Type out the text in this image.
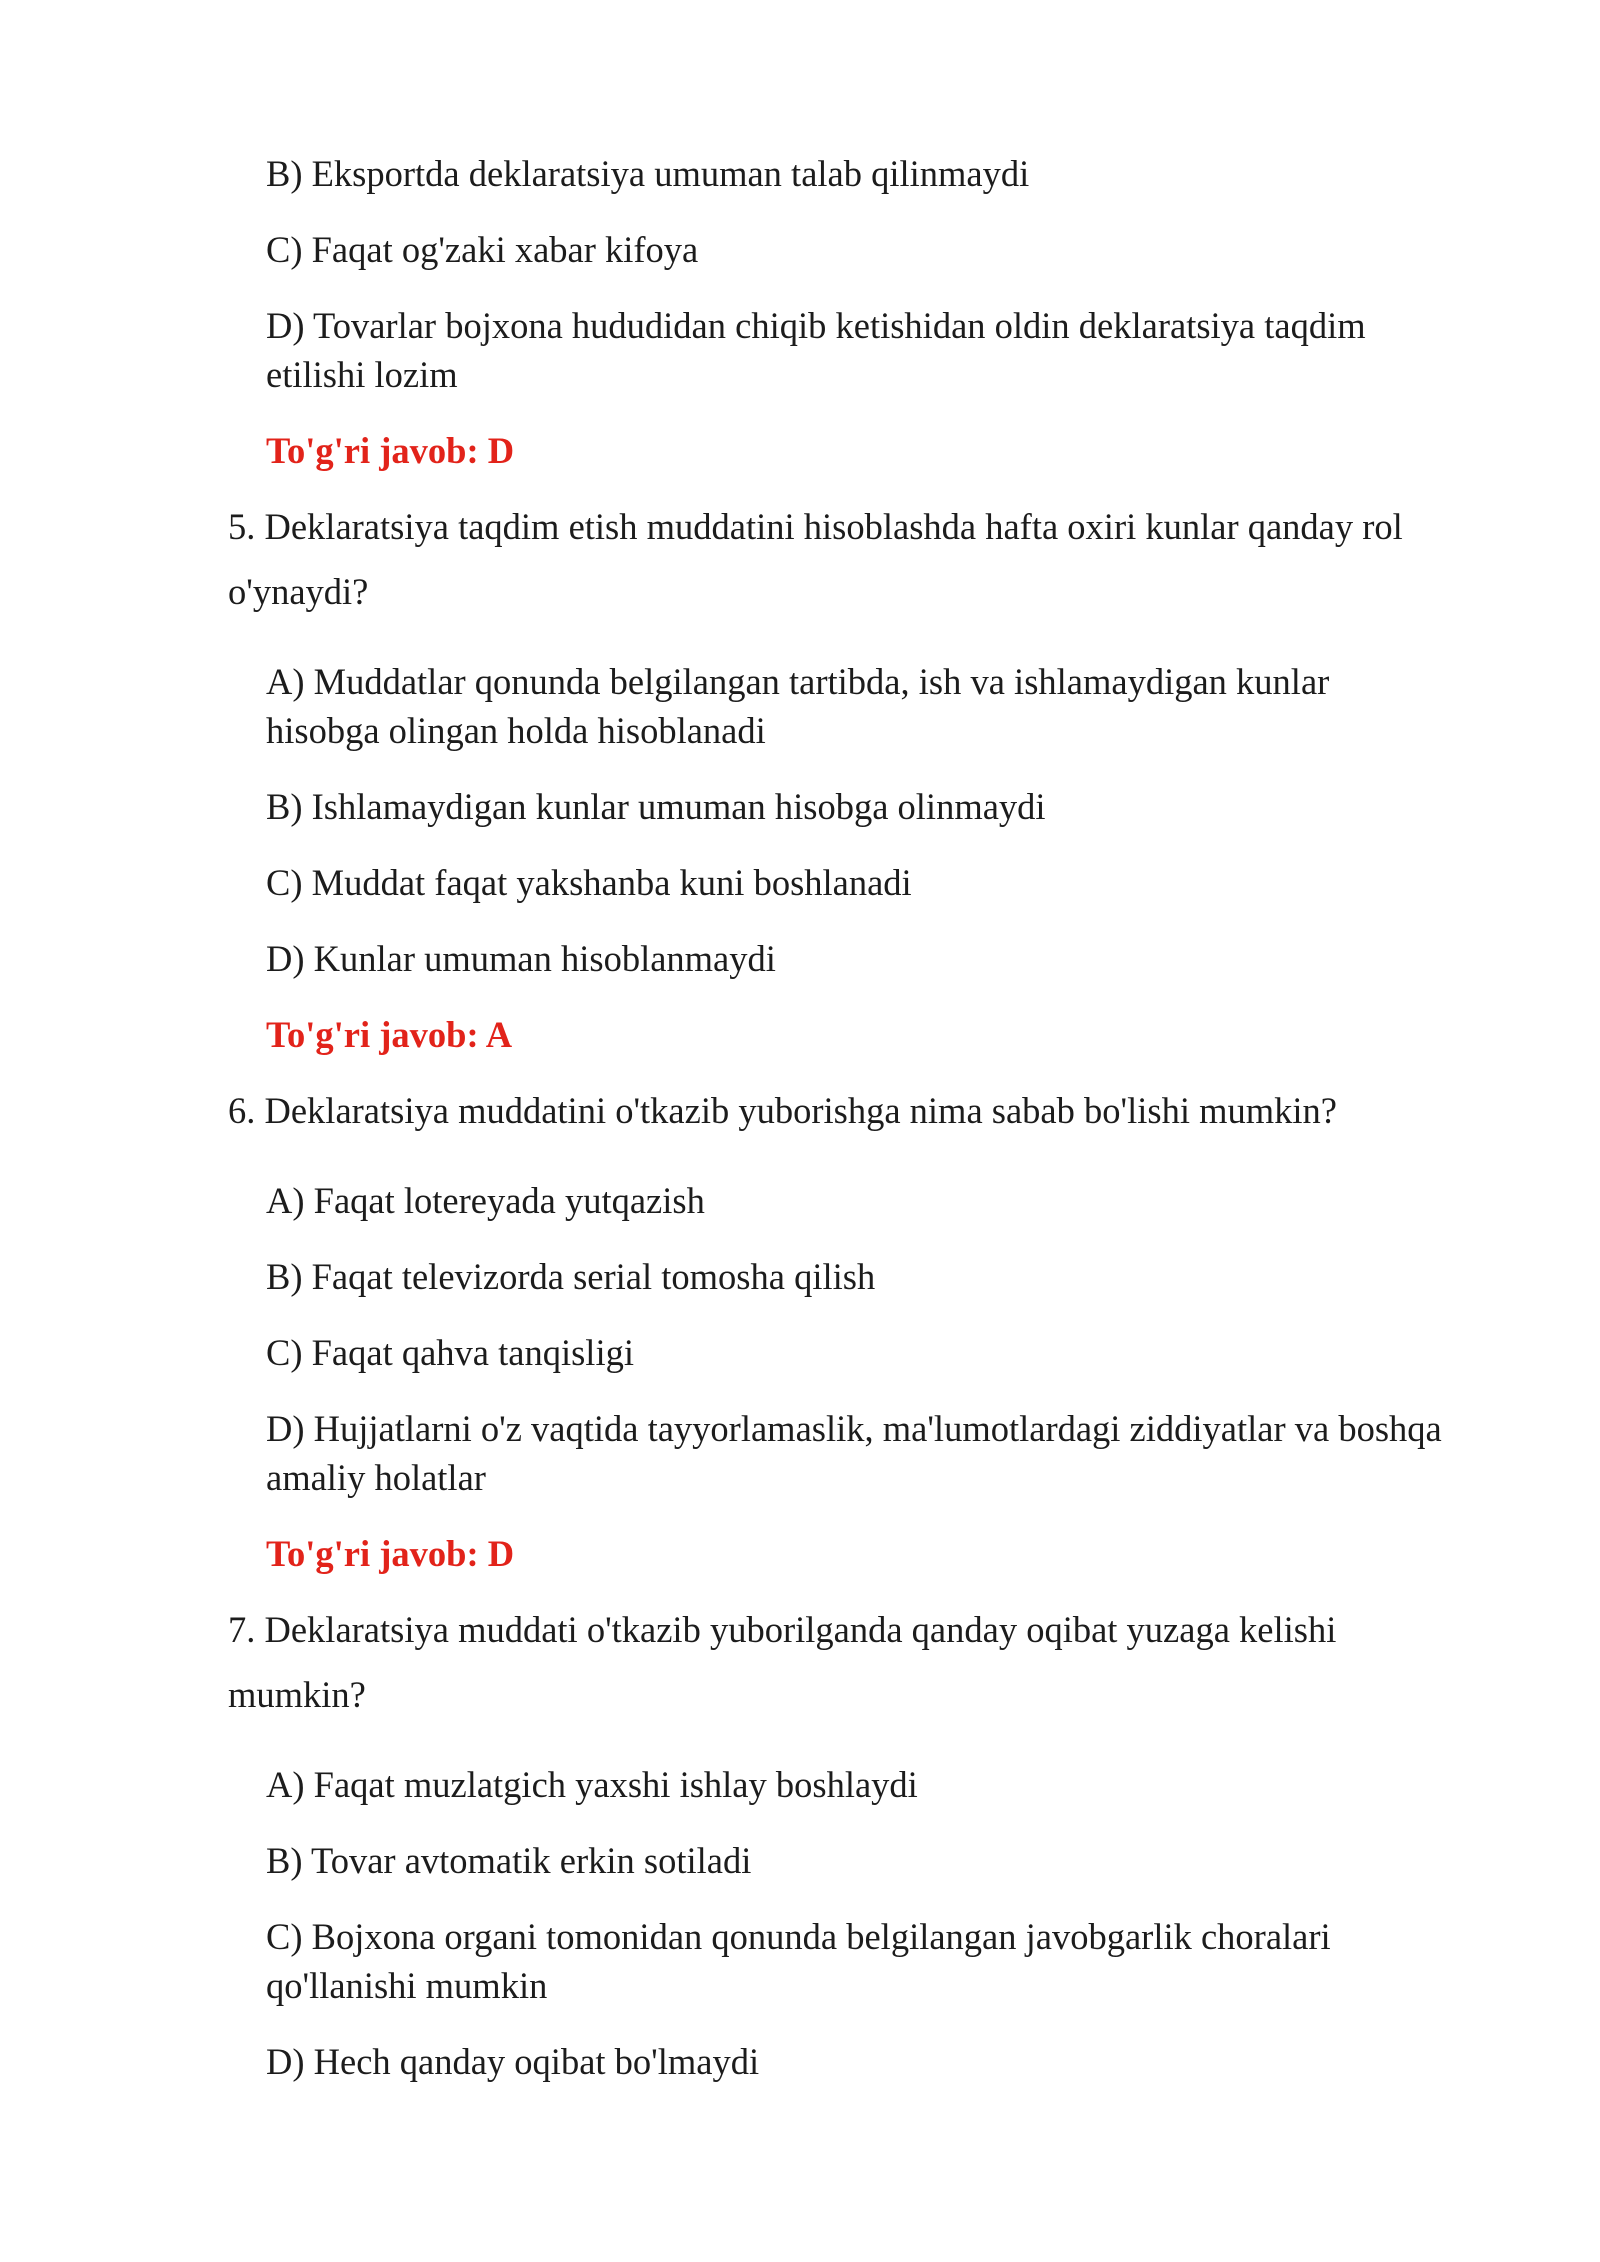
B) Eksportda deklaratsiya umuman talab qilinmaydi

C) Faqat og'zaki xabar kifoya

D) Tovarlar bojxona hududidan chiqib ketishidan oldin deklaratsiya taqdim

etilishi lozim

To'g'ri javob: D

5. Deklaratsiya taqdim etish muddatini hisoblashda hafta oxiri kunlar qanday rol

o'ynaydi?

A) Muddatlar qonunda belgilangan tartibda, ish va ishlamaydigan kunlar

hisobga olingan holda hisoblanadi

B) Ishlamaydigan kunlar umuman hisobga olinmaydi

C) Muddat faqat yakshanba kuni boshlanadi

D) Kunlar umuman hisoblanmaydi

To'g'ri javob: A

6. Deklaratsiya muddatini o'tkazib yuborishga nima sabab bo'lishi mumkin?

A) Faqat lotereyada yutqazish

B) Faqat televizorda serial tomosha qilish

C) Faqat qahva tanqisligi

D) Hujjatlarni o'z vaqtida tayyorlamaslik, ma'lumotlardagi ziddiyatlar va boshqa

amaliy holatlar

To'g'ri javob: D

7. Deklaratsiya muddati o'tkazib yuborilganda qanday oqibat yuzaga kelishi

mumkin?

A) Faqat muzlatgich yaxshi ishlay boshlaydi

B) Tovar avtomatik erkin sotiladi

C) Bojxona organi tomonidan qonunda belgilangan javobgarlik choralari

qo'llanishi mumkin

D) Hech qanday oqibat bo'lmaydi
